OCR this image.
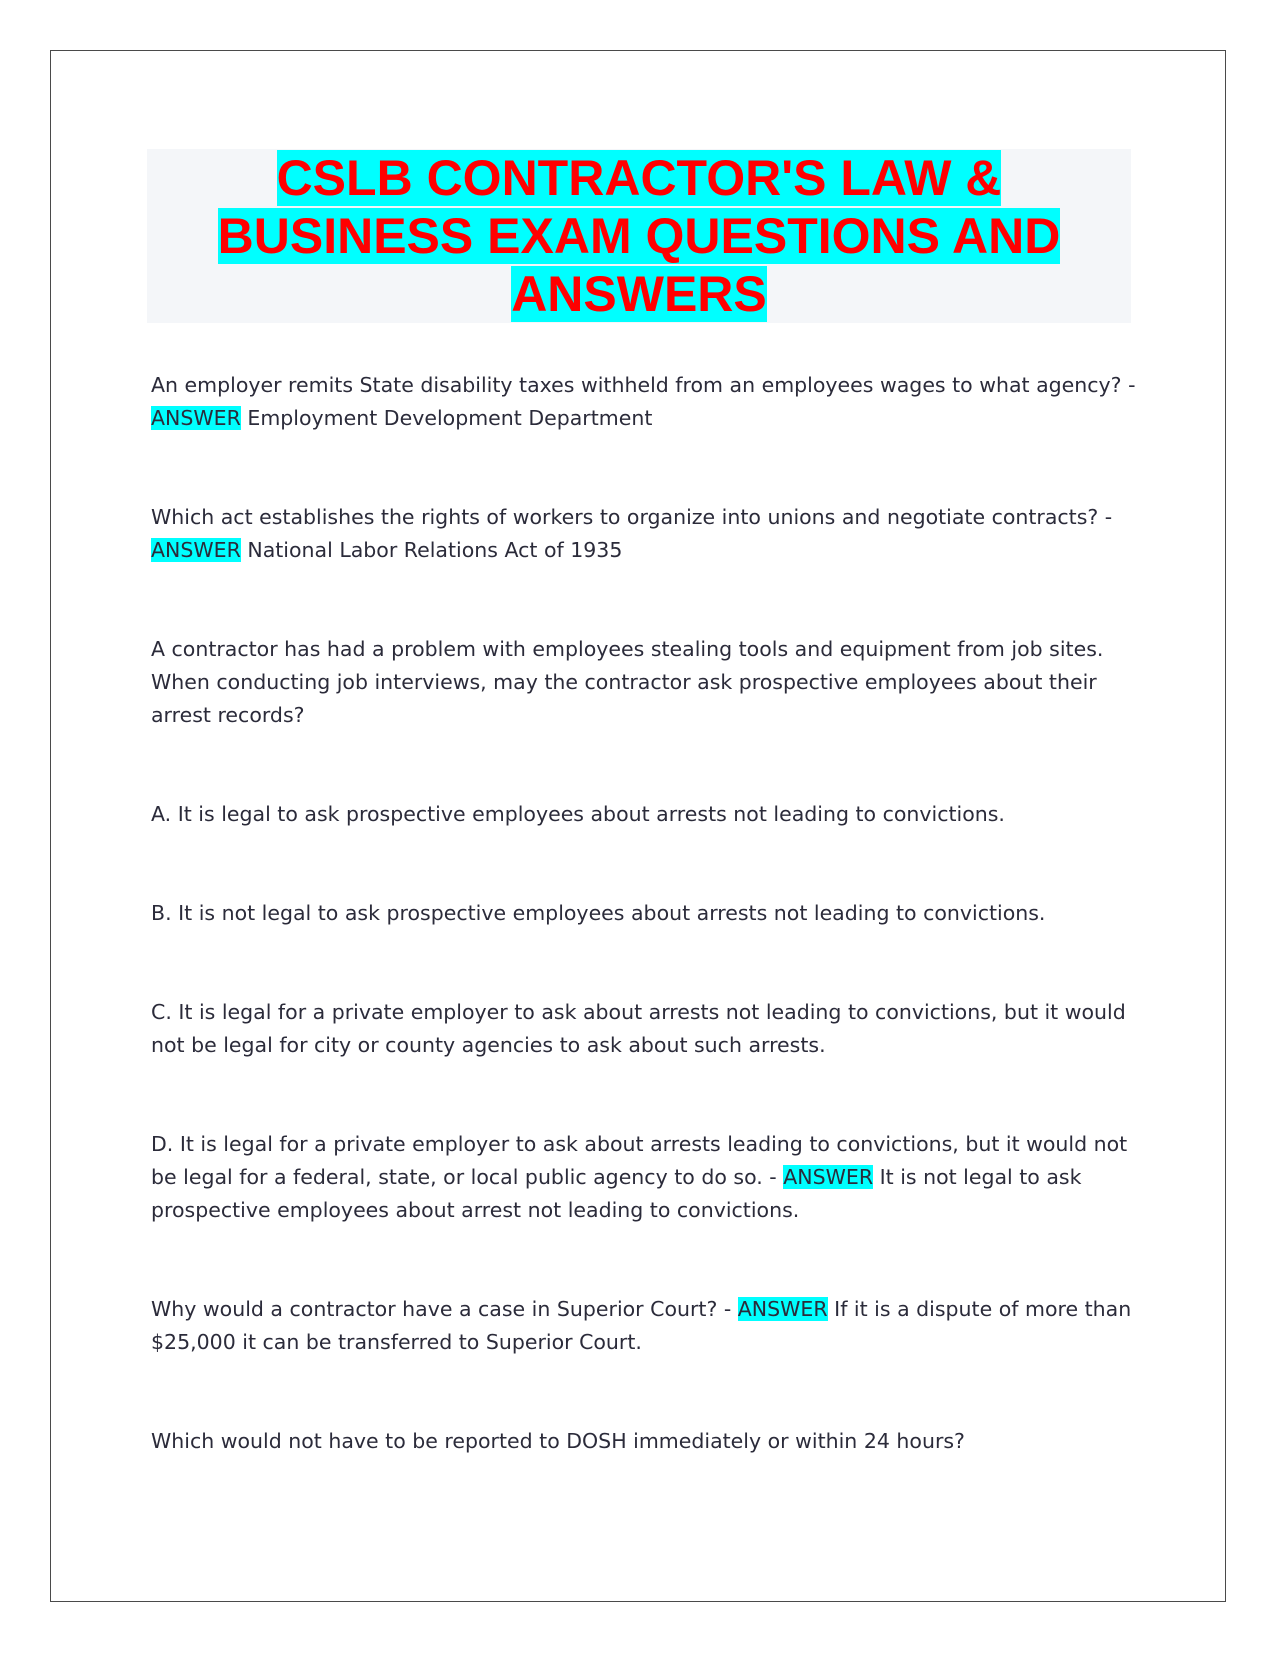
CSLB CONTRACTOR'S LAW &
BUSINESS EXAM QUESTIONS AND
ANSWERS

An employer remits State disability taxes withheld from an employees wages to what agency? - ANSWER Employment Development Department

Which act establishes the rights of workers to organize into unions and negotiate contracts? - ANSWER National Labor Relations Act of 1935

A contractor has had a problem with employees stealing tools and equipment from job sites. When conducting job interviews, may the contractor ask prospective employees about their arrest records?

A. It is legal to ask prospective employees about arrests not leading to convictions.

B. It is not legal to ask prospective employees about arrests not leading to convictions.

C. It is legal for a private employer to ask about arrests not leading to convictions, but it would not be legal for city or county agencies to ask about such arrests.

D. It is legal for a private employer to ask about arrests leading to convictions, but it would not be legal for a federal, state, or local public agency to do so. - ANSWER It is not legal to ask prospective employees about arrest not leading to convictions.

Why would a contractor have a case in Superior Court? - ANSWER If it is a dispute of more than $25,000 it can be transferred to Superior Court.

Which would not have to be reported to DOSH immediately or within 24 hours?
